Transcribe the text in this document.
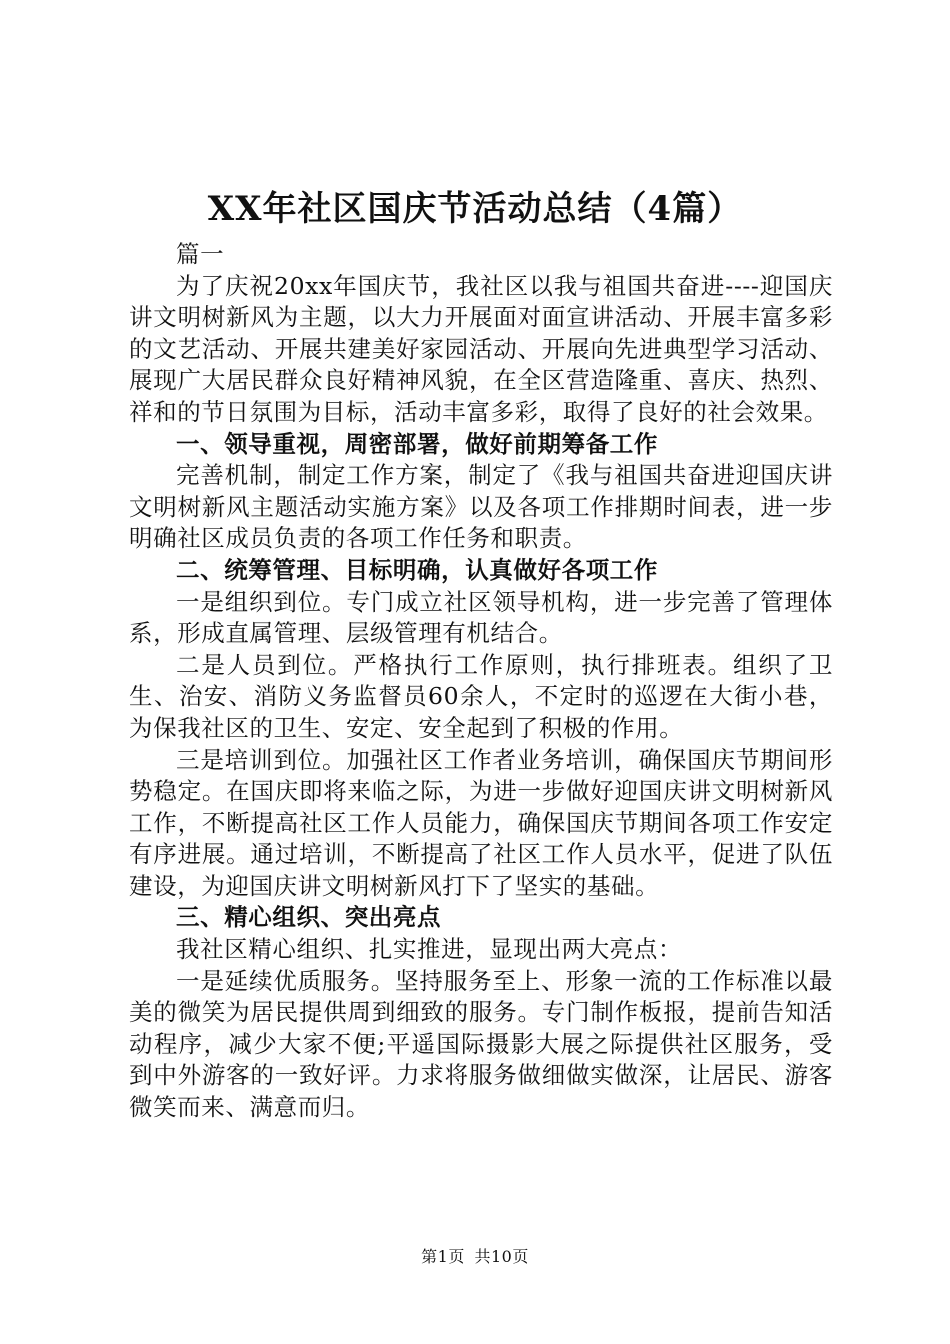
XX年社区国庆节活动总结（4篇）

篇一

为了庆祝20xx年国庆节，我社区以我与祖国共奋进----迎国庆讲文明树新风为主题，以大力开展面对面宣讲活动、开展丰富多彩的文艺活动、开展共建美好家园活动、开展向先进典型学习活动、展现广大居民群众良好精神风貌，在全区营造隆重、喜庆、热烈、祥和的节日氛围为目标，活动丰富多彩，取得了良好的社会效果。

一、领导重视，周密部署，做好前期筹备工作

完善机制，制定工作方案，制定了《我与祖国共奋进迎国庆讲文明树新风主题活动实施方案》以及各项工作排期时间表，进一步明确社区成员负责的各项工作任务和职责。

二、统筹管理、目标明确，认真做好各项工作

一是组织到位。专门成立社区领导机构，进一步完善了管理体系，形成直属管理、层级管理有机结合。

二是人员到位。严格执行工作原则，执行排班表。组织了卫生、治安、消防义务监督员60余人，不定时的巡逻在大街小巷，为保我社区的卫生、安定、安全起到了积极的作用。

三是培训到位。加强社区工作者业务培训，确保国庆节期间形势稳定。在国庆即将来临之际，为进一步做好迎国庆讲文明树新风工作，不断提高社区工作人员能力，确保国庆节期间各项工作安定有序进展。通过培训，不断提高了社区工作人员水平，促进了队伍建设，为迎国庆讲文明树新风打下了坚实的基础。

三、精心组织、突出亮点

我社区精心组织、扎实推进，显现出两大亮点：

一是延续优质服务。坚持服务至上、形象一流的工作标准以最美的微笑为居民提供周到细致的服务。专门制作板报，提前告知活动程序，减少大家不便;平遥国际摄影大展之际提供社区服务，受到中外游客的一致好评。力求将服务做细做实做深，让居民、游客微笑而来、满意而归。

第1页 共10页
